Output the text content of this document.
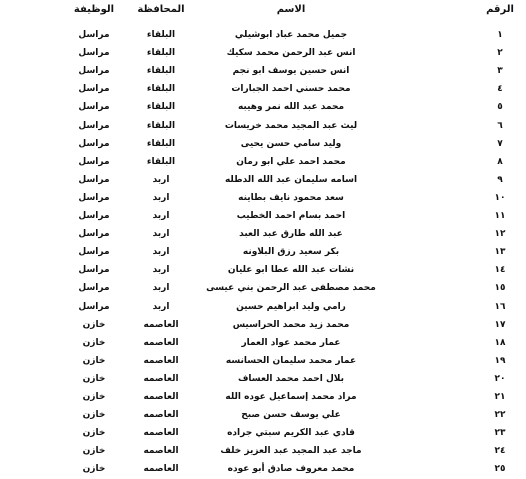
الرقم
الاسم
المحافظة
الوظيفة
١
جميل محمد عباد ابوشيلي
البلقاء
مراسل
٢
انس عبد الرحمن محمد سكيك
البلقاء
مراسل
٣
انس حسين يوسف ابو نجم
البلقاء
مراسل
٤
محمد حسني احمد الجبارات
البلقاء
مراسل
٥
محمد عبد الله نمر وهيبه
البلقاء
مراسل
٦
ليث عبد المجيد محمد خريسات
البلقاء
مراسل
٧
وليد سامي حسن يحيى
البلقاء
مراسل
٨
محمد احمد علي ابو رمان
البلقاء
مراسل
٩
اسامه سليمان عبد الله الدطله
اربد
مراسل
١٠
سعد محمود نايف بطاينه
اربد
مراسل
١١
احمد بسام احمد الخطيب
اربد
مراسل
١٢
عبد الله طارق عبد العبد
اربد
مراسل
١٣
بكر سعيد رزق البلاونه
اربد
مراسل
١٤
نشات عبد الله عطا ابو عليان
اربد
مراسل
١٥
محمد مصطفى عبد الرحمن بني عيسى
اربد
مراسل
١٦
رامي وليد ابراهيم حسين
اربد
مراسل
١٧
محمد زيد محمد الحراسيس
العاصمه
خازن
١٨
عمار محمد عواد العمار
العاصمه
خازن
١٩
عمار محمد سليمان الحسانسه
العاصمه
خازن
٢٠
بلال احمد محمد العساف
العاصمه
خازن
٢١
مراد محمد إسماعيل عوده الله
العاصمه
خازن
٢٢
علي يوسف حسن صبح
العاصمه
خازن
٢٣
قادي عبد الكريم سبتي جراده
العاصمه
خازن
٢٤
ماجد عبد المجيد عبد العزيز خلف
العاصمه
خازن
٢٥
محمد معروف صادق أبو عوده
العاصمه
خازن
